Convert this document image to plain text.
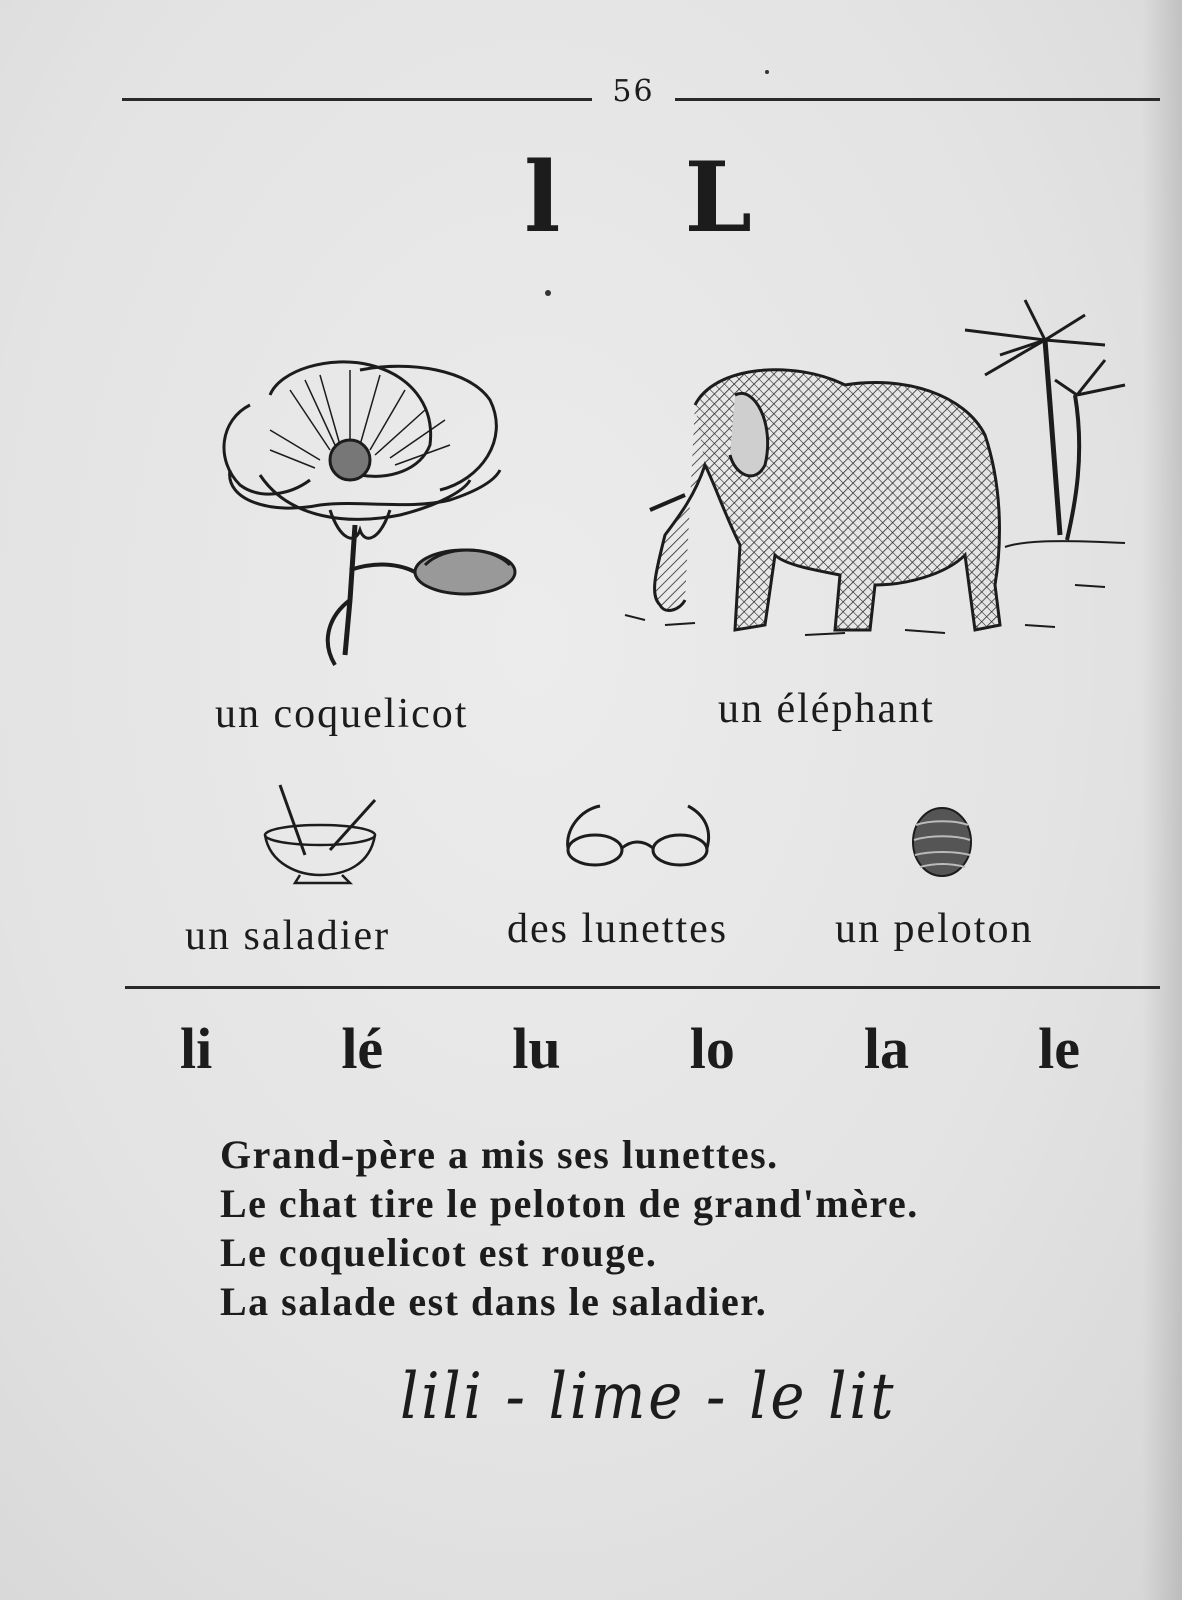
56
l L
un coquelicot	un éléphant
un saladier	des lunettes	un peloton
li lé lu lo la le
Grand-père a mis ses lunettes.
Le chat tire le peloton de grand'mère.
Le coquelicot est rouge.
La salade est dans le saladier.
lili - lime - le lit
